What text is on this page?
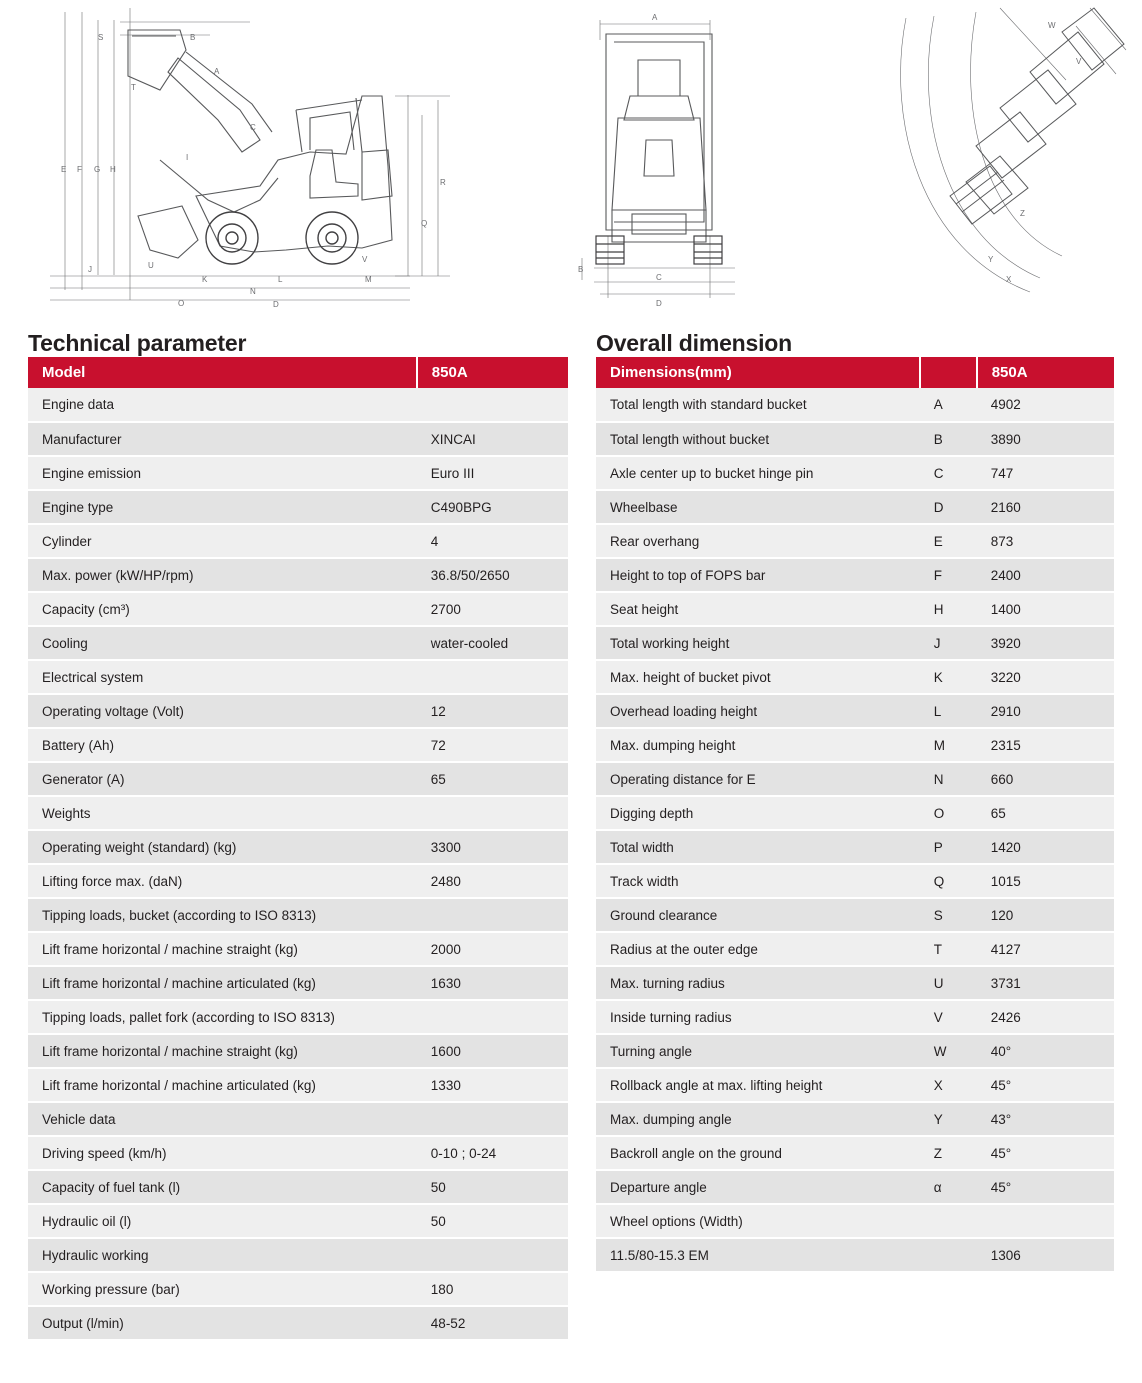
S
T
E F G H
I
J	U
K	L	M
V
N
D
O
Q
R
A
B
C
A
B
C
D
W
V
Z
Y
X
Technical parameter
Model	850A
Engine data	
Manufacturer	XINCAI
Engine emission	Euro III
Engine type	C490BPG
Cylinder	4
Max. power (kW/HP/rpm)	36.8/50/2650
Capacity (cm³)	2700
Cooling	water-cooled
Electrical system	
Operating voltage (Volt)	12
Battery (Ah)	72
Generator (A)	65
Weights	
Operating weight (standard) (kg)	3300
Lifting force max. (daN)	2480
Tipping loads, bucket (according to ISO 8313)	
Lift frame horizontal / machine straight (kg)	2000
Lift frame horizontal / machine articulated (kg)	1630
Tipping loads, pallet fork (according to ISO 8313)	
Lift frame horizontal / machine straight (kg)	1600
Lift frame horizontal / machine articulated (kg)	1330
Vehicle data	
Driving speed (km/h)	0-10 ; 0-24
Capacity of fuel tank (l)	50
Hydraulic oil (l)	50
Hydraulic working	
Working pressure (bar)	180
Output (l/min)	48-52
Overall dimension
Dimensions(mm)		850A
Total length with standard bucket	A	4902
Total length without bucket	B	3890
Axle center up to bucket hinge pin	C	747
Wheelbase	D	2160
Rear overhang	E	873
Height to top of FOPS bar	F	2400
Seat height	H	1400
Total working height	J	3920
Max. height of bucket pivot	K	3220
Overhead loading height	L	2910
Max. dumping height	M	2315
Operating distance for E	N	660
Digging depth	O	65
Total width	P	1420
Track width	Q	1015
Ground clearance	S	120
Radius at the outer edge	T	4127
Max. turning radius	U	3731
Inside turning radius	V	2426
Turning angle	W	40°
Rollback angle at max. lifting height	X	45°
Max. dumping angle	Y	43°
Backroll angle on the ground	Z	45°
Departure angle	α	45°
Wheel options (Width)		
11.5/80-15.3 EM		1306
